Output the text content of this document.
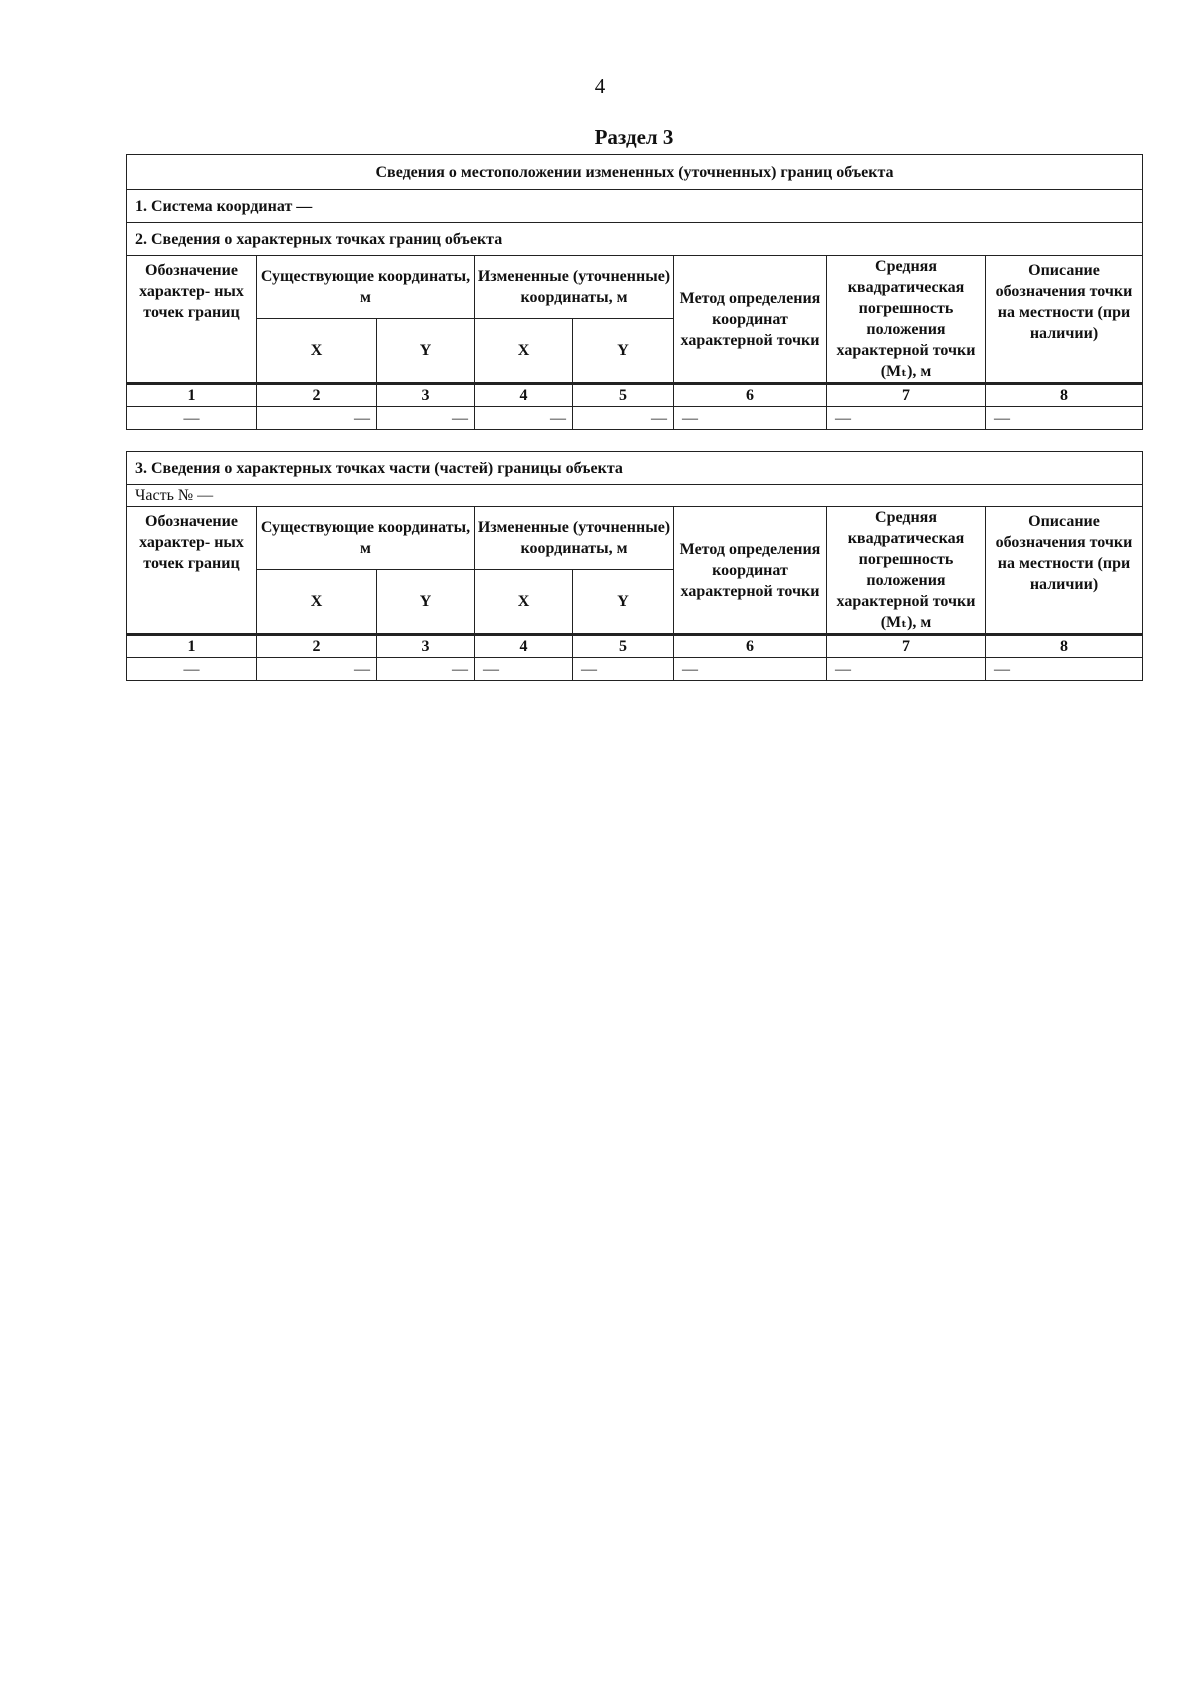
4
Раздел 3
Сведения о местоположении измененных (уточненных) границ объекта							
1. Система координат —							
2. Сведения о характерных точках границ объекта							
Обозначение характер- ных точек границ	Существующие координаты, м		Измененные (уточненные) координаты, м		Метод определения координат характерной точки	Средняя квадратическая погрешность положения характерной точки (Mₜ), м	Описание обозначения точки на местности (при наличии)
	X	Y	X	Y			
1	2	3	4	5	6	7	8
—	—	—	—	—	—	—	—
3. Сведения о характерных точках части (частей) границы объекта							
Часть № —							
Обозначение характер- ных точек границ	Существующие координаты, м		Измененные (уточненные) координаты, м		Метод определения координат характерной точки	Средняя квадратическая погрешность положения характерной точки (Mₜ), м	Описание обозначения точки на местности (при наличии)
	X	Y	X	Y			
1	2	3	4	5	6	7	8
—	—	—	—	—	—	—	—
